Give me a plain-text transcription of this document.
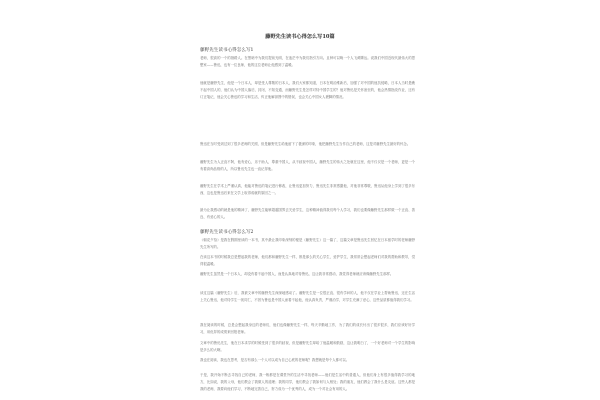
藤野先生读书心得怎么写10篇
藤野先生读书心得怎么写1
老师，很高的一个的指路人。在黑暗中为我们提前光明，在迷茫中为我们指引方向。且种可以唤一个人飞黄腾达。说我们中国近现代最伟大的思想家——鲁迅，也有一位良师，他的这位老师让他感到了温暖。
他就是藤野先生，他是一个日本人，却是受人尊敬的日本人，我们大家都知道，日本在明治维新后，加强了对中国的他抗侵略，日本人当时是瞧不起中国人的，他们认为中国人落后，封闭，不知变通，而藤野先生是怎样对待中国学生的？他对鲁迅是关怀备至的，他会热情批改作业，还有订正笔记，他会关心鲁迅的学习和生活，纠正他解剖图中的错误，也会关心中国女人裹脚的情况。
鲁迅在当时受到过到了很多老师的关照，但是藤野先生给他留下了极深的印象，他把藤野先生当作自己的老师，这是对藤野先生最好的怀念。
藤野先生为人正直不阿，他有爱心，乐于助人，尊重中国人，从不歧视中国人，藤野先生的伟大之处就在这里，他不仅仅是一个老师，更是一个有着高尚品格的人，所以鲁迅先生也一直记得他。
藤野先生在学术上严谨认真，他能对鲁迅的笔记进行修改，让鲁迅更加努力，鲁迅先生非常感激他，对他非常尊敬，鲁迅从他身上学到了很多东西，这也是鲁迅后来在文学上取得成就的原因之一。
最为让我感动的就是他的精神了，藤野先生能够超越国界去关爱学生，这种精神值得我们每个人学习，我们也要像藤野先生那样做一个正直、善良、有爱心的人。
藤野先生读书心得怎么写2
《朝花夕拾》是我在假期里读的一本书，其中最让我印象深刻的便是《藤野先生》这一篇了，这篇文章是鲁迅先生回忆在日本留学时的老师藤野先生所写的。
在读这本书的时候我总是想起我的老师，他们都和藤野先生一样，都是那么的关心学生，爱护学生，我常常会想起老师们对我的帮助和教导，觉得很温暖。
藤野先生虽然是一个日本人，却没有看不起中国人，而是认真地对待鲁迅，这让我非常感动，我觉得老师就应该像藤野先生那样。
读过这篇《藤野先生》后，我被文章中的藤野先生深深地感动了。藤野先生是一位很正直、很有学问的人，他不仅在学业上帮助鲁迅，还在生活上关心鲁迅，他对待学生一视同仁，不因为鲁迅是中国人而看不起他，他认真负责，严谨治学，对学生充满了爱心，这些品质都值得我们学习。
我在阅读的时候，总是会想起我身边的老师们，他们也像藤野先生一样，每天辛勤地工作，为了我们的成长付出了很多很多，我们应该好好学习，用优异的成绩来回报老师。
文章中的鲁迅先生，他在日本求学的时候受到了很多的歧视，但是藤野先生却给了他温暖和鼓励，这让我明白了，一个好老师对一个学生的影响是多么的大啊。
我也在阅读，我也在思考，是否有那么一个人可以成为自己心底的老师呢？我想就是每个人都可以。
于是，我开始不断去寻找自己的老师，我一般都是在课堂外的生活中寻找老师——他们是生活中的普通人，但他们身上有很多值得我学习的地方，比如说，我的父母，他们教会了我做人的道理；我的同学，他们教会了我如何与人相处；我的朋友，他们教会了我什么是友谊。这些人都是我的老师，我要向他们学习，不断地完善自己，努力成为一个优秀的人，成为一个对社会有用的人。
